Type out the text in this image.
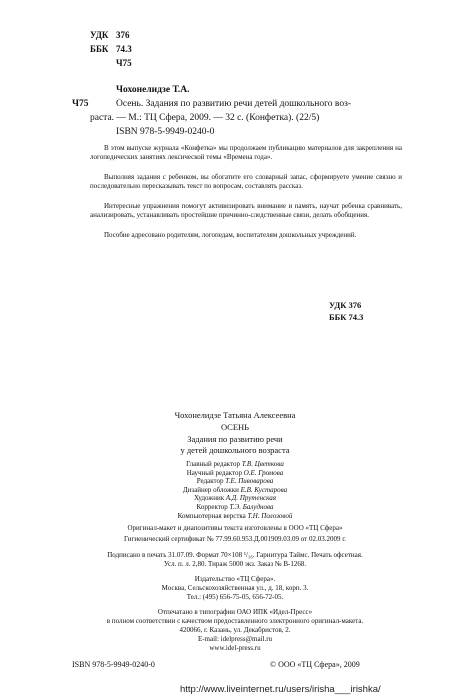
УДК 376
ББК 74.3
Ч75
Чохонелидзе Т.А.
Ч75	Осень. Задания по развитию речи детей дошкольного воз-
раста. — М.: ТЦ Сфера, 2009. — 32 с. (Конфетка). (22/5)
ISBN 978-5-9949-0240-0
В этом выпуске журнала «Конфетка» мы продолжаем публикацию материалов для закрепления на логопедических занятиях лексической темы «Времена года».
Выполняя задания с ребенком, вы обогатите его словарный запас, сформируете умение связно и последовательно пересказывать текст по вопросам, составлять рассказ.
Интересные упражнения помогут активизировать внимание и память, научат ребенка сравнивать, анализировать, устанавливать простейшие причинно-следственные связи, делать обобщения.
Пособие адресовано родителям, логопедам, воспитателям дошкольных учреждений.
УДК 376
ББК 74.3
Чохонелидзе Татьяна Алексеевна
ОСЕНЬ
Задания по развитию речи
у детей дошкольного возраста
Главный редактор Т.В. Цветкова
Научный редактор О.Е. Громова
Редактор Т.Е. Пивоварова
Дизайнер обложки Е.В. Кустарова
Художник А.Д. Прутенская
Корректор Т.Э. Балуднова
Компьютерная верстка Т.Н. Полозовой
Оригинал-макет и диапозитивы текста изготовлены в ООО «ТЦ Сфера»
Гигиенический сертификат № 77.99.60.953.Д.001909.03.09 от 02.03.2009 г.
Подписано в печать 31.07.09. Формат 70×108 ¹/₁₆. Гарнитура Таймс. Печать офсетная.
Усл. п. л. 2,80. Тираж 5000 экз. Заказ № В-1268.
Издательство «ТЦ Сфера».
Москва, Сельскохозяйственная ул., д. 18, корп. 3.
Тел.: (495) 656-75-05, 656-72-05.
Отпечатано в типографии ОАО ИПК «Идел-Пресс»
в полном соответствии с качеством предоставленного электронного оригинал-макета.
420066, г. Казань, ул. Декабристов, 2.
E-mail: idelpress@mail.ru
www.idel-press.ru
ISBN 978-5-9949-0240-0	© ООО «ТЦ Сфера», 2009
http://www.liveinternet.ru/users/irisha___irishka/
